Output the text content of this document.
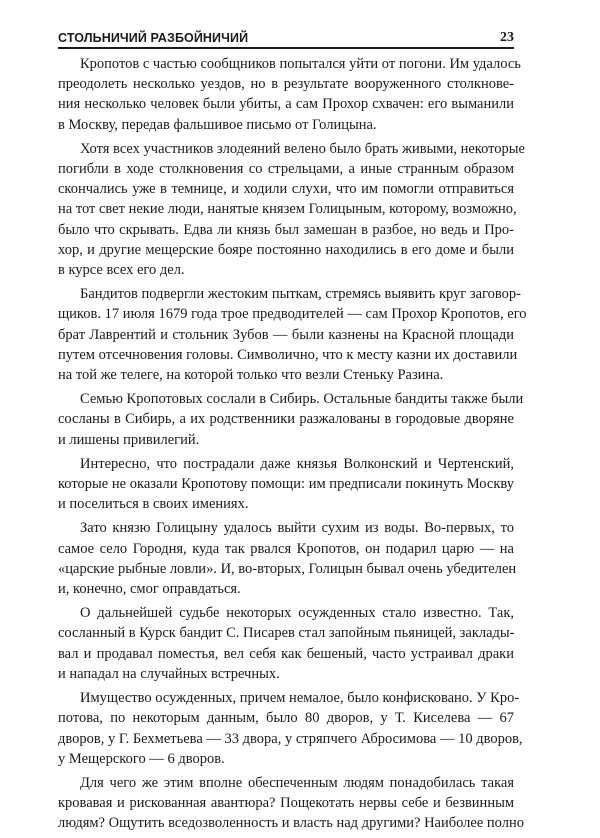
СТОЛЬНИЧИЙ РАЗБОЙНИЧИЙ	23

Кропотов с частью сообщников попытался уйти от погони. Им удалось
преодолеть несколько уездов, но в результате вооруженного столкнове-
ния несколько человек были убиты, а сам Прохор схвачен: его выманили
в Москву, передав фальшивое письмо от Голицына.

Хотя всех участников злодеяний велено было брать живыми, некоторые
погибли в ходе столкновения со стрельцами, а иные странным образом
скончались уже в темнице, и ходили слухи, что им помогли отправиться
на тот свет некие люди, нанятые князем Голицыным, которому, возможно,
было что скрывать. Едва ли князь был замешан в разбое, но ведь и Про-
хор, и другие мещерские бояре постоянно находились в его доме и были
в курсе всех его дел.

Бандитов подвергли жестоким пыткам, стремясь выявить круг заговор-
щиков. 17 июля 1679 года трое предводителей — сам Прохор Кропотов, его
брат Лаврентий и стольник Зубов — были казнены на Красной площади
путем отсечновения головы. Символично, что к месту казни их доставили
на той же телеге, на которой только что везли Стеньку Разина.

Семью Кропотовых сослали в Сибирь. Остальные бандиты также были
сосланы в Сибирь, а их родственники разжалованы в городовые дворяне
и лишены привилегий.

Интересно, что пострадали даже князья Волконский и Чертенский,
которые не оказали Кропотову помощи: им предписали покинуть Москву
и поселиться в своих имениях.

Зато князю Голицыну удалось выйти сухим из воды. Во-первых, то
самое село Городня, куда так рвался Кропотов, он подарил царю — на
«царские рыбные ловли». И, во-вторых, Голицын бывал очень убедителен
и, конечно, смог оправдаться.

О дальнейшей судьбе некоторых осужденных стало известно. Так,
сосланный в Курск бандит С. Писарев стал запойным пьяницей, заклады-
вал и продавал поместья, вел себя как бешеный, часто устраивал драки
и нападал на случайных встречных.

Имущество осужденных, причем немалое, было конфисковано. У Кро-
потова, по некоторым данным, было 80 дворов, у Т. Киселева — 67
дворов, у Г. Бехметьева — 33 двора, у стряпчего Абросимова — 10 дворов,
у Мещерского — 6 дворов.

Для чего же этим вполне обеспеченным людям понадобилась такая
кровавая и рискованная авантюра? Пощекотать нервы себе и безвинным
людям? Ощутить вседозволенность и власть над другими? Наиболее полно
